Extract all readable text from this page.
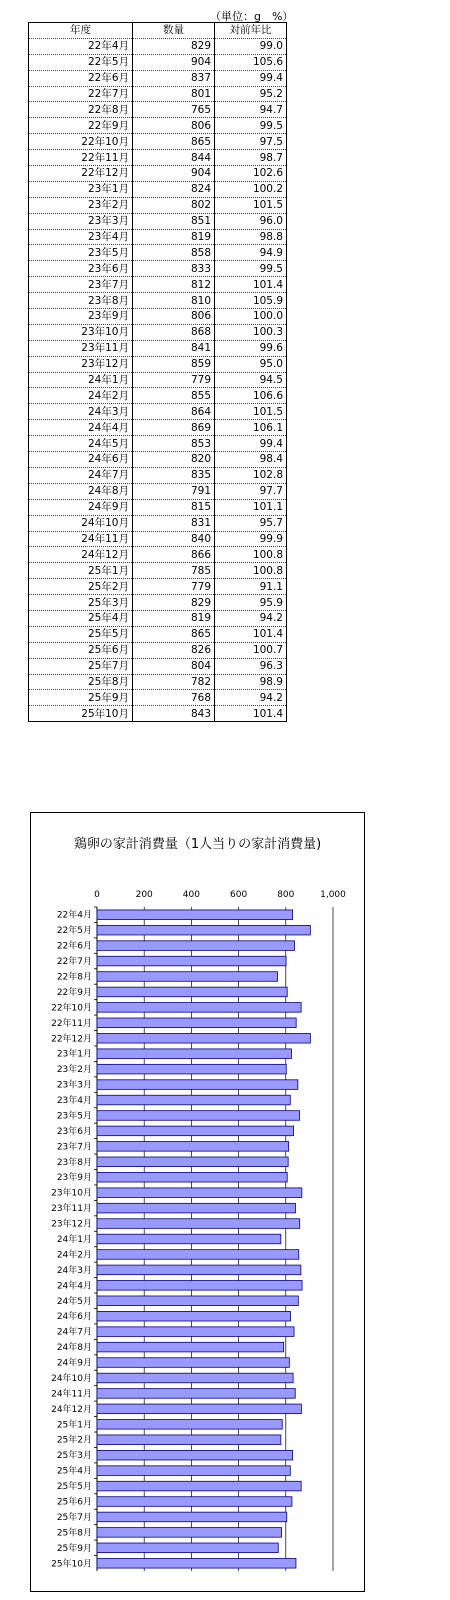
（単位：g　%）
年度	数量	対前年比
22年4月	829	99.0
22年5月	904	105.6
22年6月	837	99.4
22年7月	801	95.2
22年8月	765	94.7
22年9月	806	99.5
22年10月	865	97.5
22年11月	844	98.7
22年12月	904	102.6
23年1月	824	100.2
23年2月	802	101.5
23年3月	851	96.0
23年4月	819	98.8
23年5月	858	94.9
23年6月	833	99.5
23年7月	812	101.4
23年8月	810	105.9
23年9月	806	100.0
23年10月	868	100.3
23年11月	841	99.6
23年12月	859	95.0
24年1月	779	94.5
24年2月	855	106.6
24年3月	864	101.5
24年4月	869	106.1
24年5月	853	99.4
24年6月	820	98.4
24年7月	835	102.8
24年8月	791	97.7
24年9月	815	101.1
24年10月	831	95.7
24年11月	840	99.9
24年12月	866	100.8
25年1月	785	100.8
25年2月	779	91.1
25年3月	829	95.9
25年4月	819	94.2
25年5月	865	101.4
25年6月	826	100.7
25年7月	804	96.3
25年8月	782	98.9
25年9月	768	94.2
25年10月	843	101.4
0	200	400	600	800	1,000
22年4月
22年5月
22年6月
22年7月
22年8月
22年9月
22年10月
22年11月
22年12月
23年1月
23年2月
23年3月
23年4月
23年5月
23年6月
23年7月
23年8月
23年9月
23年10月
23年11月
23年12月
24年1月
24年2月
24年3月
24年4月
24年5月
24年6月
24年7月
24年8月
24年9月
24年10月
24年11月
24年12月
25年1月
25年2月
25年3月
25年4月
25年5月
25年6月
25年7月
25年8月
25年9月
25年10月
鶏卵の家計消費量（1人当りの家計消費量)
